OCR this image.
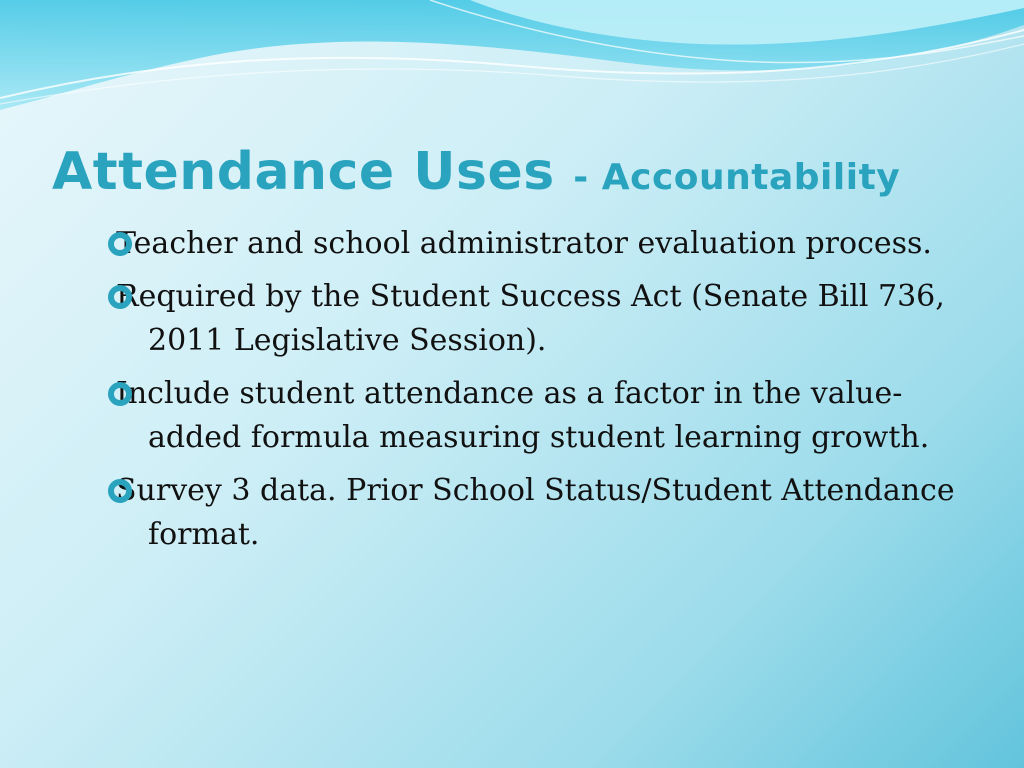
Attendance Uses - Accountability
Teacher and school administrator evaluation process.
Required by the Student Success Act (Senate Bill 736, 2011 Legislative Session).
Include student attendance as a factor in the value-added formula measuring student learning growth.
Survey 3 data. Prior School Status/Student Attendance format.
